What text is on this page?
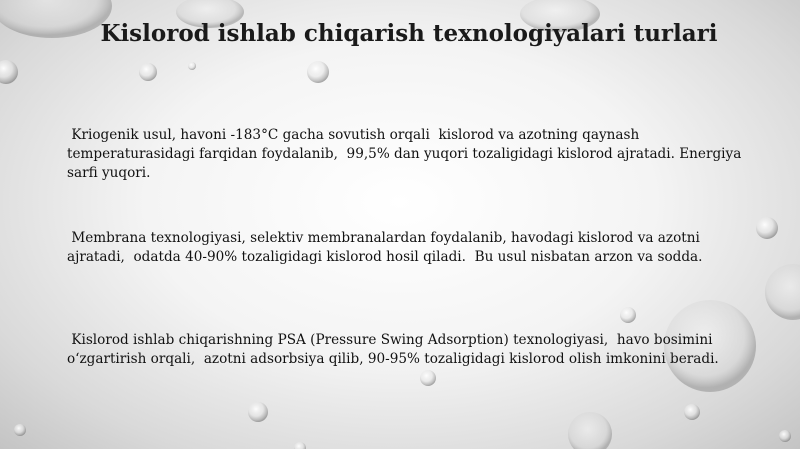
Kislorod ishlab chiqarish texnologiyalari turlari

Kriogenik usul, havoni -183°C gacha sovutish orqali  kislorod va azotning qaynash temperaturasidagi farqidan foydalanib,  99,5% dan yuqori tozaligidagi kislorod ajratadi. Energiya sarfi yuqori.

Membrana texnologiyasi, selektiv membranalardan foydalanib, havodagi kislorod va azotni ajratadi,  odatda 40-90% tozaligidagi kislorod hosil qiladi.  Bu usul nisbatan arzon va sodda.

Kislorod ishlab chiqarishning PSA (Pressure Swing Adsorption) texnologiyasi,  havo bosimini o‘zgartirish orqali,  azotni adsorbsiya qilib, 90-95% tozaligidagi kislorod olish imkonini beradi.
